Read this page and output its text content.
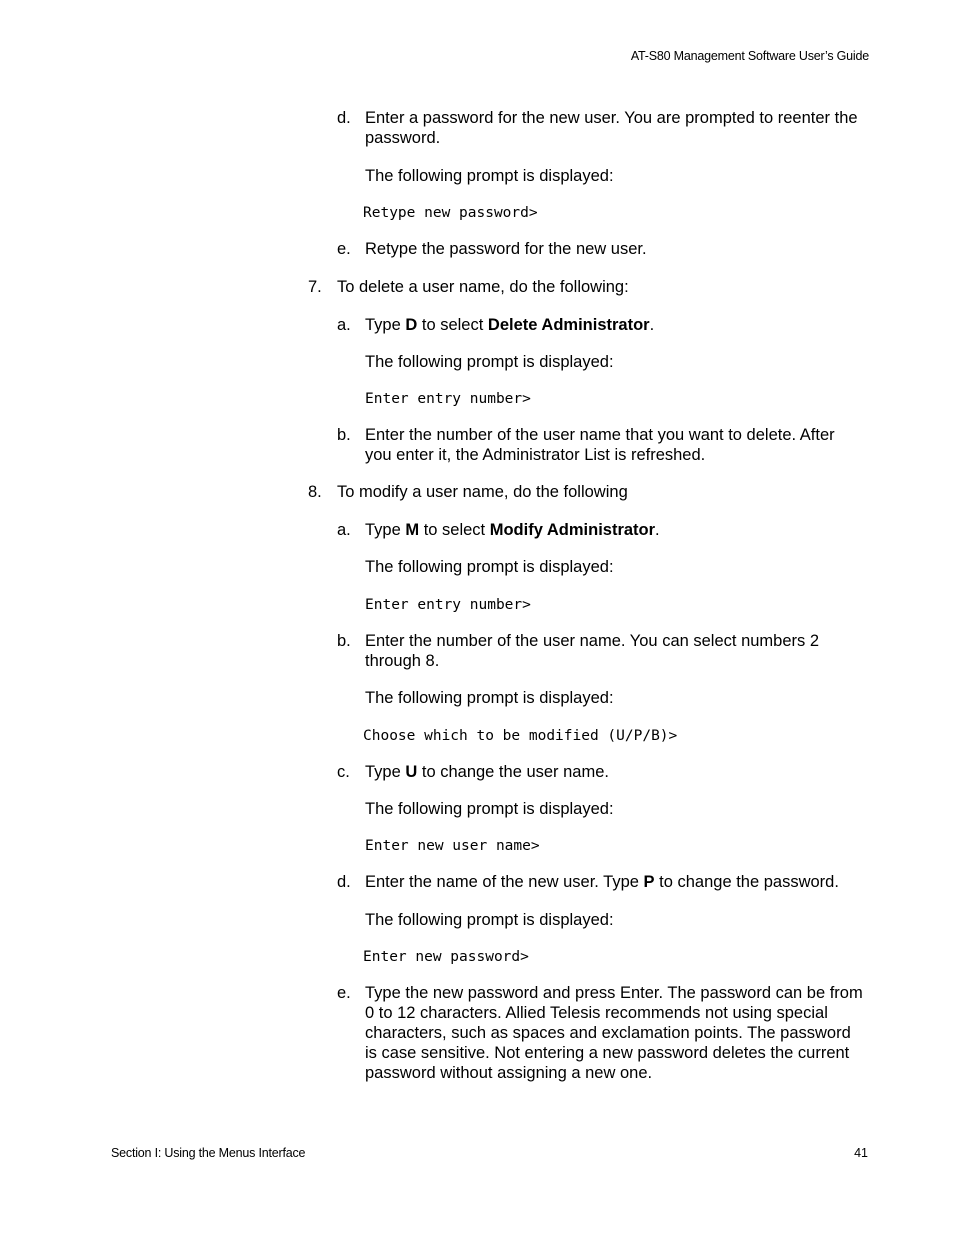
AT-S80 Management Software User’s Guide
d. Enter a password for the new user. You are prompted to reenter the password.
The following prompt is displayed:
Retype new password>
e. Retype the password for the new user.
7. To delete a user name, do the following:
a. Type D to select Delete Administrator.
The following prompt is displayed:
Enter entry number>
b. Enter the number of the user name that you want to delete. After you enter it, the Administrator List is refreshed.
8. To modify a user name, do the following
a. Type M to select Modify Administrator.
The following prompt is displayed:
Enter entry number>
b. Enter the number of the user name. You can select numbers 2 through 8.
The following prompt is displayed:
Choose which to be modified (U/P/B)>
c. Type U to change the user name.
The following prompt is displayed:
Enter new user name>
d. Enter the name of the new user. Type P to change the password.
The following prompt is displayed:
Enter new password>
e. Type the new password and press Enter. The password can be from 0 to 12 characters. Allied Telesis recommends not using special characters, such as spaces and exclamation points. The password is case sensitive. Not entering a new password deletes the current password without assigning a new one.
Section I: Using the Menus Interface	41
